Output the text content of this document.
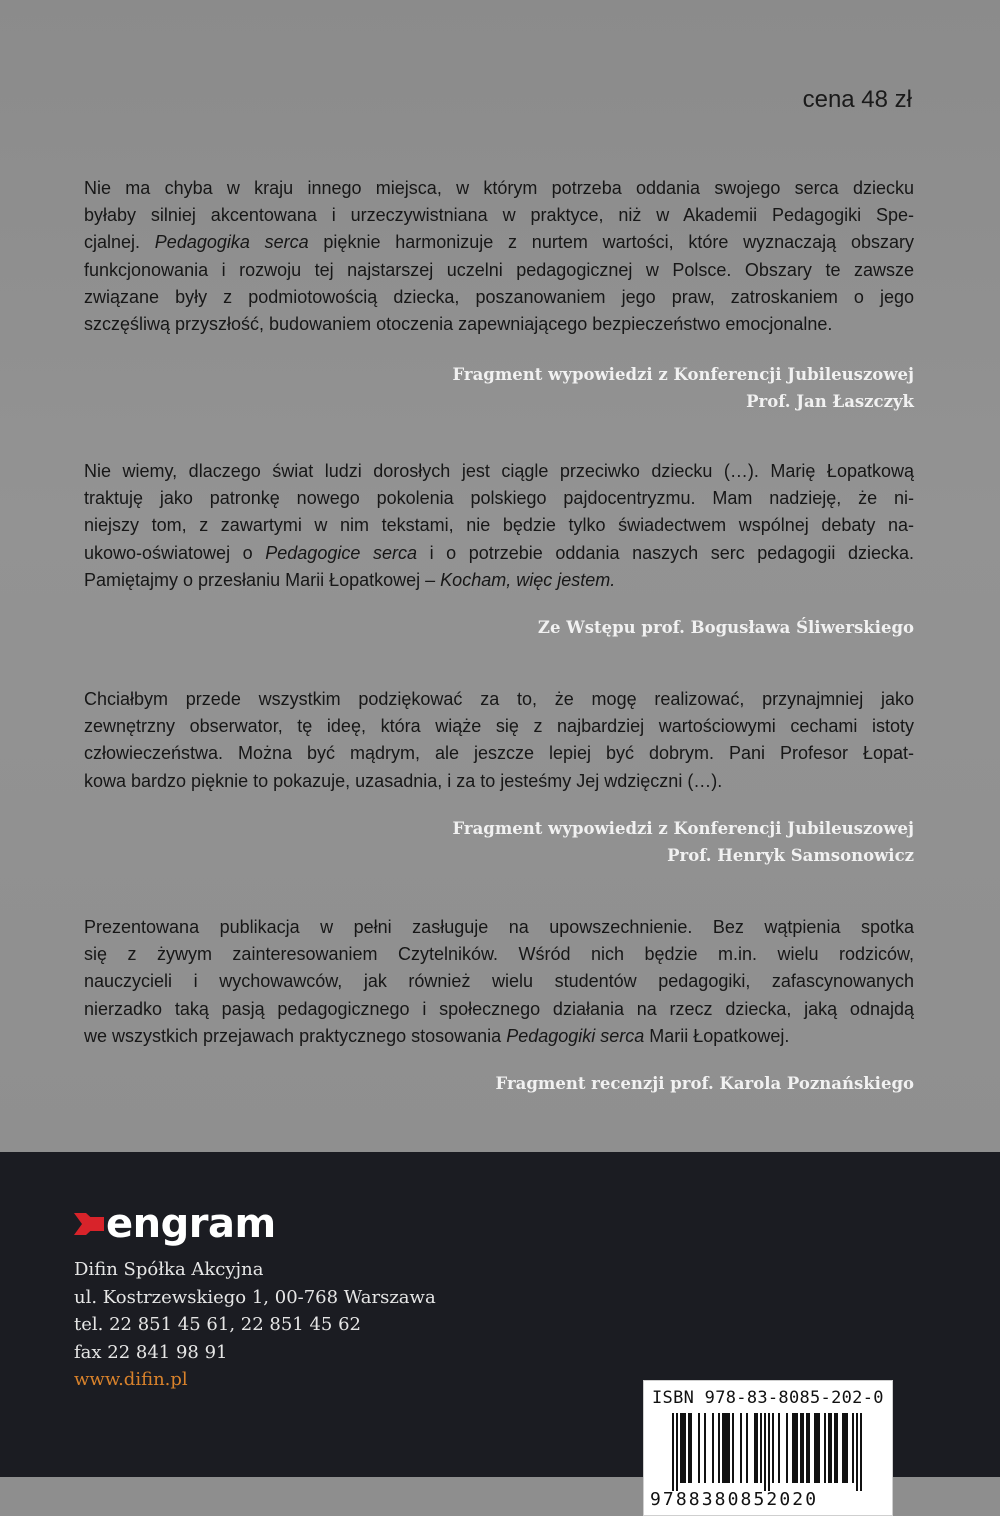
cena 48 zł

Nie ma chyba w kraju innego miejsca, w którym potrzeba oddania swojego serca dziecku
byłaby silniej akcentowana i urzeczywistniana w praktyce, niż w Akademii Pedagogiki Spe-
cjalnej. Pedagogika serca pięknie harmonizuje z nurtem wartości, które wyznaczają obszary
funkcjonowania i rozwoju tej najstarszej uczelni pedagogicznej w Polsce. Obszary te zawsze
związane były z podmiotowością dziecka, poszanowaniem jego praw, zatroskaniem o jego
szczęśliwą przyszłość, budowaniem otoczenia zapewniającego bezpieczeństwo emocjonalne.

Fragment wypowiedzi z Konferencji Jubileuszowej
Prof. Jan Łaszczyk

Nie wiemy, dlaczego świat ludzi dorosłych jest ciągle przeciwko dziecku (…). Marię Łopatkową
traktuję jako patronkę nowego pokolenia polskiego pajdocentryzmu. Mam nadzieję, że ni-
niejszy tom, z zawartymi w nim tekstami, nie będzie tylko świadectwem wspólnej debaty na-
ukowo-oświatowej o Pedagogice serca i o potrzebie oddania naszych serc pedagogii dziecka.
Pamiętajmy o przesłaniu Marii Łopatkowej – Kocham, więc jestem.

Ze Wstępu prof. Bogusława Śliwerskiego

Chciałbym przede wszystkim podziękować za to, że mogę realizować, przynajmniej jako
zewnętrzny obserwator, tę ideę, która wiąże się z najbardziej wartościowymi cechami istoty
człowieczeństwa. Można być mądrym, ale jeszcze lepiej być dobrym. Pani Profesor Łopat-
kowa bardzo pięknie to pokazuje, uzasadnia, i za to jesteśmy Jej wdzięczni (…).

Fragment wypowiedzi z Konferencji Jubileuszowej
Prof. Henryk Samsonowicz

Prezentowana publikacja w pełni zasługuje na upowszechnienie. Bez wątpienia spotka
się z żywym zainteresowaniem Czytelników. Wśród nich będzie m.in. wielu rodziców,
nauczycieli i wychowawców, jak również wielu studentów pedagogiki, zafascynowanych
nierzadko taką pasją pedagogicznego i społecznego działania na rzecz dziecka, jaką odnajdą
we wszystkich przejawach praktycznego stosowania Pedagogiki serca Marii Łopatkowej.

Fragment recenzji prof. Karola Poznańskiego
engram
Difin Spółka Akcyjna
ul. Kostrzewskiego 1, 00-768 Warszawa
tel. 22 851 45 61, 22 851 45 62
fax 22 841 98 91
www.difin.pl
ISBN 978-83-8085-202-0
9788380852020
